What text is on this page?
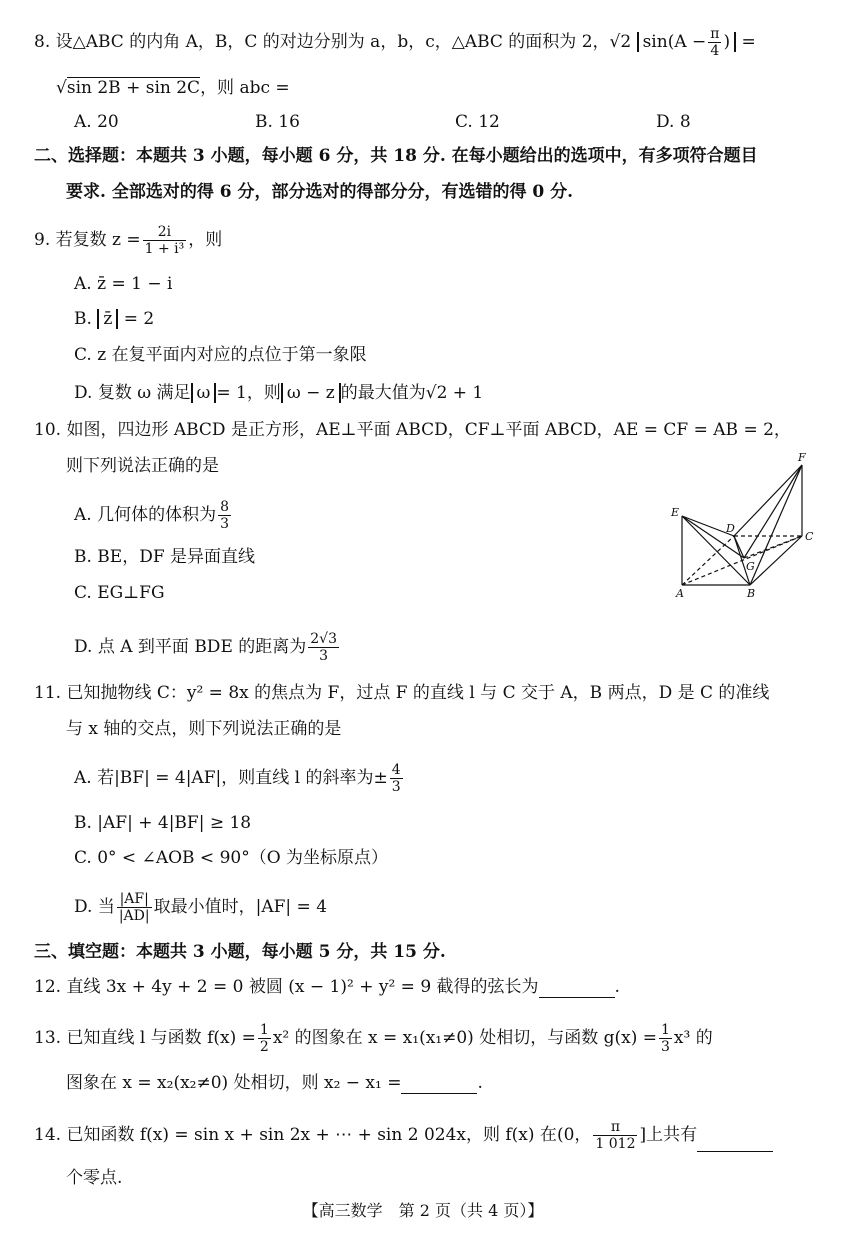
8. 设△ABC 的内角 A，B，C 的对边分别为 a，b，c，△ABC 的面积为 2，√2 $\sin(A - \frac{\pi}{4}$ ) =
√sin 2B + sin 2C，则 abc =
A. 20	B. 16	C. 12	D. 8
二、选择题：本题共 3 小题，每小题 6 分，共 18 分. 在每小题给出的选项中，有多项符合题目
要求. 全部选对的得 6 分，部分选对的得部分分，有选错的得 0 分.
9. 若复数 $z = \frac{2i}{\text{1 + i³}}$ ，则
A. z̄ = 1 − i
B. z̄ = 2
C. z 在复平面内对应的点位于第一象限
D. 复数 ω 满足 ω = 1，则 ω − z 的最大值为√2 + 1
10. 如图，四边形 ABCD 是正方形，AE⊥平面 ABCD，CF⊥平面 ABCD，AE = CF = AB = 2，
则下列说法正确的是
A. 几何体的体积为 $\frac{8}{3}$
B. BE，DF 是异面直线
C. EG⊥FG
D. 点 A 到平面 BDE 的距离为 $\frac{2√3}{3}$
F
E
D
C
G
A	B
11. 已知抛物线 C：y² = 8x 的焦点为 F，过点 F 的直线 l 与 C 交于 A，B 两点，D 是 C 的准线
与 x 轴的交点，则下列说法正确的是
A. 若|BF| = 4|AF|，则直线 l 的斜率为± $\frac{4}{3}$
B. |AF| + 4|BF| ≥ 18
C. 0° < ∠AOB < 90°（O 为坐标原点）
D. 当 $\frac{|AF|}{|AD|}$ 取最小值时，|AF| = 4
三、填空题：本题共 3 小题，每小题 5 分，共 15 分.
12. 直线 3x + 4y + 2 = 0 被圆 (x − 1)² + y² = 9 截得的弦长为	.
13. 已知直线 l 与函数 $f(x) = \frac{1}{2} x^2$ 的图象在 x = x₁(x₁≠0) 处相切，与函数 $g(x) = \frac{1}{3} x^3$ 的
图象在 x = x₂(x₂≠0) 处相切，则 x₂ − x₁ =	.
14. 已知函数 f(x) = sin x + sin 2x + ⋯ + sin 2 024x，则 f(x) 在(0， $\frac{\pi}{1 012}$ ]上共有
个零点.
【高三数学　第 2 页（共 4 页）】
